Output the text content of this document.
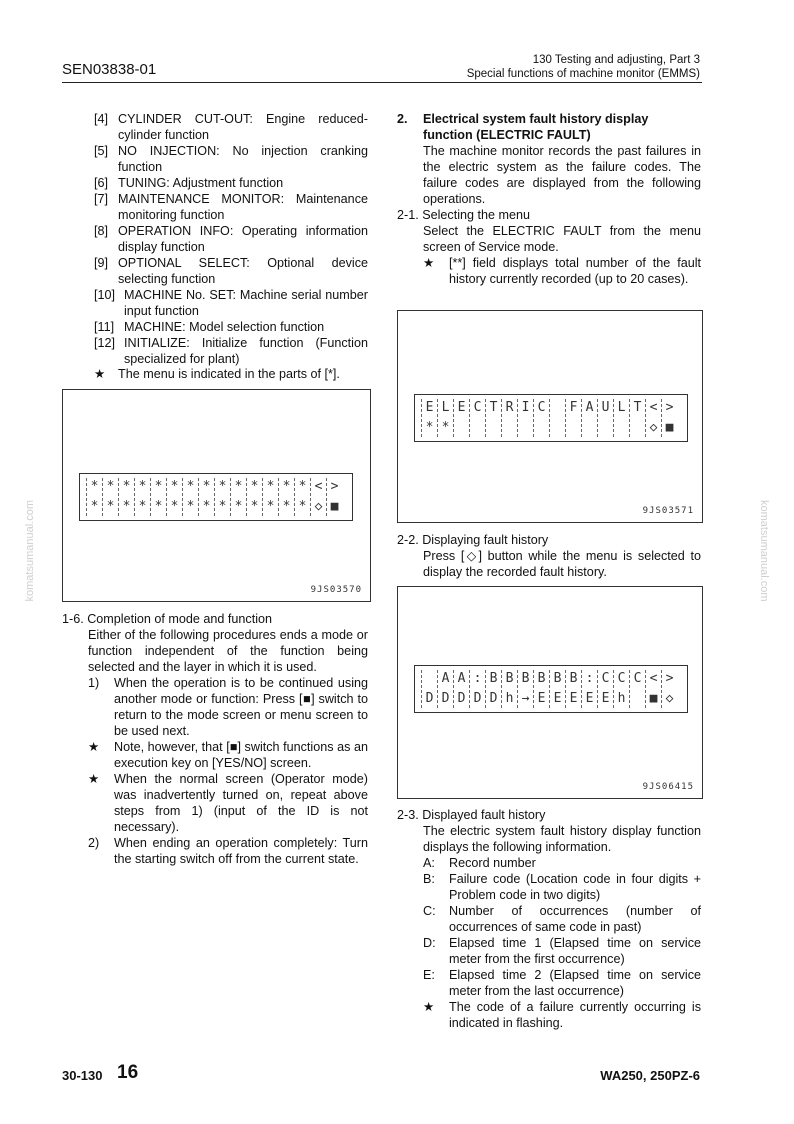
SEN03838-01
130 Testing and adjusting, Part 3
Special functions of machine monitor (EMMS)
[4] CYLINDER CUT-OUT: Engine reduced-cylinder function
[5] NO INJECTION: No injection cranking function
[6] TUNING: Adjustment function
[7] MAINTENANCE MONITOR: Maintenance monitoring function
[8] OPERATION INFO: Operating information display function
[9] OPTIONAL SELECT: Optional device selecting function
[10] MACHINE No. SET: Machine serial number input function
[11] MACHINE: Model selection function
[12] INITIALIZE: Initialize function (Function specialized for plant)
★ The menu is indicated in the parts of [*].
* * * * * * * * * * * * * * < >
* * * * * * * * * * * * * * ◇ ■
9JS03570

1-6. Completion of mode and function

Either of the following procedures ends a mode or function independent of the function being selected and the layer in which it is used.

1) When the operation is to be continued using another mode or function: Press [■] switch to return to the mode screen or menu screen to be used next.
★ Note, however, that [■] switch functions as an execution key on [YES/NO] screen.
★ When the normal screen (Operator mode) was inadvertently turned on, repeat above steps from 1) (input of the ID is not necessary).
2) When ending an operation completely: Turn the starting switch off from the current state.
2. Electrical system fault history display function (ELECTRIC FAULT)

The machine monitor records the past failures in the electric system as the failure codes. The failure codes are displayed from the following operations.

2-1. Selecting the menu

Select the ELECTRIC FAULT from the menu screen of Service mode.

★ [**] field displays total number of the fault history currently recorded (up to 20 cases).
E L E C T R I C	F A U L T < >
* *	◇ ■
9JS03571

2-2. Displaying fault history

Press [◇] button while the menu is selected to display the recorded fault history.

A A : B B B B B B : C C C < >
D D D D D h → E E E E E h	■ ◇
9JS06415

2-3. Displayed fault history

The electric system fault history display function displays the following information.

A: Record number
B: Failure code (Location code in four digits + Problem code in two digits)
C: Number of occurrences (number of occurrences of same code in past)
D: Elapsed time 1 (Elapsed time on service meter from the first occurrence)
E: Elapsed time 2 (Elapsed time on service meter from the last occurrence)
★ The code of a failure currently occurring is indicated in flashing.
komatsumanual.com	komatsumanual.com
30-130 16	WA250, 250PZ-6
